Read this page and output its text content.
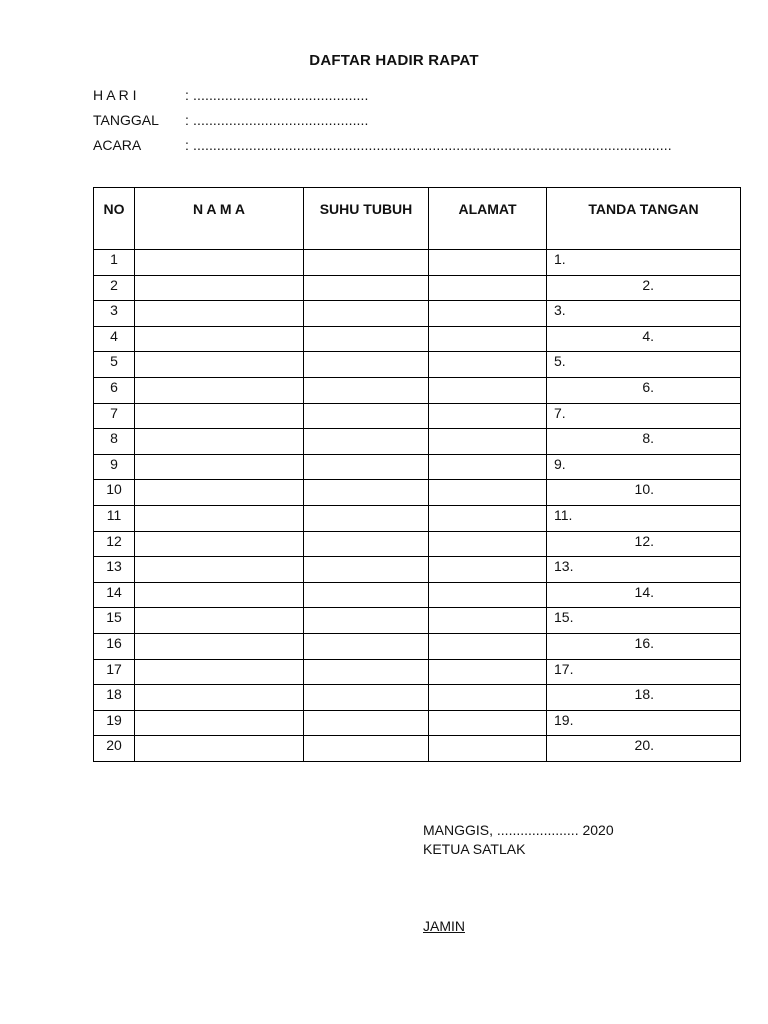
DAFTAR HADIR RAPAT
H A R I	: ............................................
TANGGAL : ............................................
ACARA	: ........................................................................................................................
NO	N A M A	SUHU TUBUH	ALAMAT	TANDA TANGAN
1				1.
2				2.
3				3.
4				4.
5				5.
6				6.
7				7.
8				8.
9				9.
10				10.
11				11.
12				12.
13				13.
14				14.
15				15.
16				16.
17				17.
18				18.
19				19.
20				20.
MANGGIS, ..................... 2020
KETUA SATLAK
JAMIN
